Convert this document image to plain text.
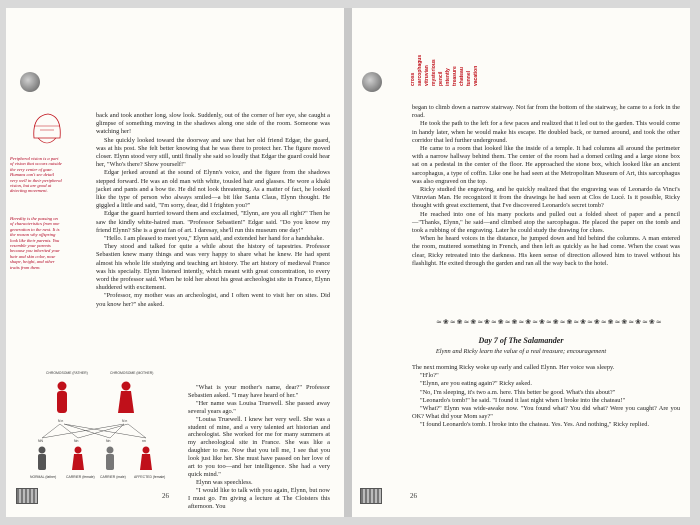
Peripheral vision is a part of vision that occurs outside the very center of gaze. Humans can't see detail very well in their peripheral vision, but are good at detecting movement.
Heredity is the passing on of characteristics from one generation to the next. It is the reason why offspring look like their parents. You resemble your parents because you inherited your hair and skin color, nose shape, height, and other traits from them.

back and took another long, slow look. Suddenly, out of the corner of her eye, she caught a glimpse of something moving in the shadows along one side of the room. Someone was watching her!

She quickly looked toward the doorway and saw that her old friend Edgar, the guard, was at his post. She felt better knowing that he was there to protect her. The figure moved closer. Elynn stood very still, until finally she said so loudly that Edgar the guard could hear her, "Who's there? Show yourself!"

Edgar jerked around at the sound of Elynn's voice, and the figure from the shadows stepped forward. He was an old man with white, tousled hair and glasses. He wore a khaki jacket and pants and a bow tie. He did not look threatening. As a matter of fact, he looked like the type of person who always smiled—a bit like Santa Claus, Elynn thought. He giggled a little and said, "I'm sorry, dear, did I frighten you?"

Edgar the guard hurried toward them and exclaimed, "Elynn, are you all right?" Then he saw the kindly white-haired man. "Professor Sebastien!" Edgar said. "Do you know my friend Elynn? She is a great fan of art. I daresay, she'll run this museum one day!"

"Hello. I am pleased to meet you," Elynn said, and extended her hand for a handshake.

They stood and talked for quite a while about the history of tapestries. Professor Sebastien knew many things and was very happy to share what he knew. He had spent almost his whole life studying and teaching art history. The art history of medieval France was his specialty. Elynn listened intently, which meant with great concentration, to every word the professor said. When he told her about his great archeologist site in France, Elynn shuddered with excitement.

"Professor, my mother was an archeologist, and I often went to visit her on sites. Did you know her?" she asked.

"What is your mother's name, dear?" Professor Sebastien asked. "I may have heard of her."

"Her name was Louisa Truewell. She passed away several years ago."

"Louisa Truewell. I knew her very well. She was a student of mine, and a very talented art historian and archeologist. She worked for me for many summers at my archeological site in France. She was like a daughter to me. Now that you tell me, I see that you look just like her. She must have passed on her love of art to you too—and her intelligence. She had a very quick mind."

Elynn was speechless.

"I would like to talk with you again, Elynn, but now I must go. I'm giving a lecture at The Cloisters this afternoon. You

CHROMOSOME (FATHER)	CHROMOSOME (MOTHER)
N n	N n
NN	Nn	Nn	nn
NORMAL (father)	CARRIER (female) CARRIER (male) AFFECTED (female)
26
cross sarcophagus vitruvian mysterious pencil intently treasure chateau tunnel vacation

began to climb down a narrow stairway. Not far from the bottom of the stairway, he came to a fork in the road.

He took the path to the left for a few paces and realized that it led out to the garden. This would come in handy later, when he would make his escape. He doubled back, or turned around, and took the other corridor that led further underground.

He came to a room that looked like the inside of a temple. It had columns all around the perimeter with a narrow hallway behind them. The center of the room had a domed ceiling and a large stone box sat on a pedestal in the center of the floor. He approached the stone box, which looked like an ancient sarcophagus, a type of coffin. Like one he had seen at the Metropolitan Museum of Art, this sarcophagus was also engraved on the top.

Ricky studied the engraving, and he quickly realized that the engraving was of Leonardo da Vinci's Vitruvian Man. He recognized it from the drawings he had seen at Clos de Lucé. Is it possible, Ricky thought with great excitement, that I've discovered Leonardo's secret tomb?

He reached into one of his many pockets and pulled out a folded sheet of paper and a pencil—"Thanks, Elynn," he said—and climbed atop the sarcophagus. He placed the paper on the tomb and took a rubbing of the engraving. Later he could study the drawing for clues.

When he heard voices in the distance, he jumped down and hid behind the columns. A man entered the room, muttered something in French, and then left as quickly as he had come. When the coast was clear, Ricky retreated into the darkness. His keen sense of direction allowed him to travel without his flashlight. He exited through the garden and ran all the way back to the hotel.

≈❀≈❀≈❀≈❀≈❀≈❀≈❀≈❀≈❀≈❀≈❀≈❀≈❀≈❀≈❀≈❀≈
Day 7 of The Salamander
Elynn and Ricky learn the value of a real treasure; encouragement

The next morning Ricky woke up early and called Elynn. Her voice was sleepy.

"H'lo?"

"Elynn, are you eating again?" Ricky asked.

"No, I'm sleeping, it's two a.m. here. This better be good. What's this about?"

"Leonardo's tomb!" he said. "I found it last night when I broke into the chateau!"

"What?" Elynn was wide-awake now. "You found what? You did what? Were you caught? Are you OK? What did your Mom say?"

"I found Leonardo's tomb. I broke into the chateau. Yes. Yes. And nothing," Ricky replied.

26
